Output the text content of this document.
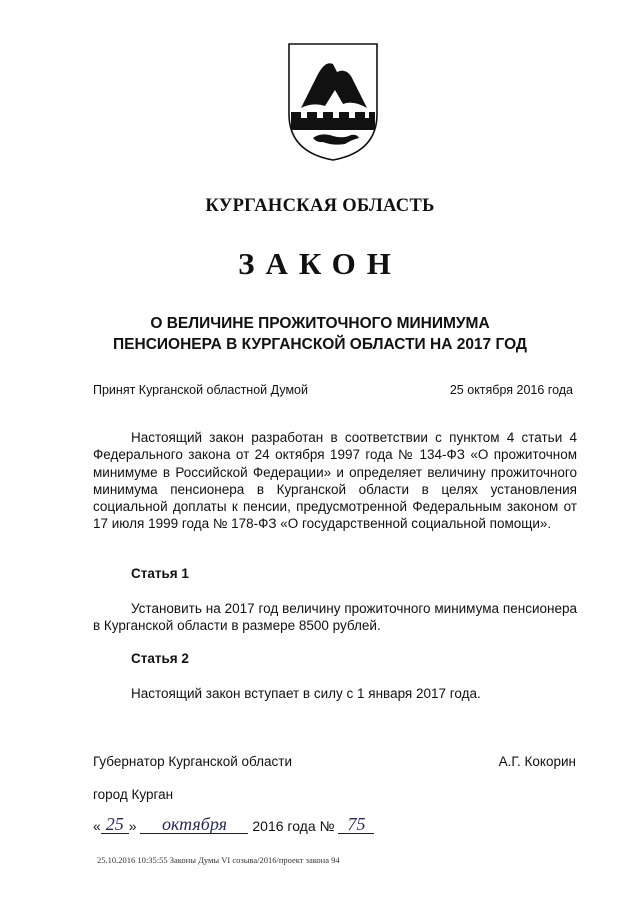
КУРГАНСКАЯ ОБЛАСТЬ
ЗАКОН
О ВЕЛИЧИНЕ ПРОЖИТОЧНОГО МИНИМУМА
ПЕНСИОНЕРА В КУРГАНСКОЙ ОБЛАСТИ НА 2017 ГОД
Принят Курганской областной Думой	25 октября 2016 года
Настоящий закон разработан в соответствии с пунктом 4 статьи 4 Федерального закона от 24 октября 1997 года № 134-ФЗ «О прожиточном минимуме в Российской Федерации» и определяет величину прожиточного минимума пенсионера в Курганской области в целях установления социальной доплаты к пенсии, предусмотренной Федеральным законом от 17 июля 1999 года № 178-ФЗ «О государственной социальной помощи».
Статья 1
Установить на 2017 год величину прожиточного минимума пенсионера в Курганской области в размере 8500 рублей.
Статья 2
Настоящий закон вступает в силу с 1 января 2017 года.
Губернатор Курганской области	А.Г. Кокорин
город Курган
« 25 » октября 2016 года № 75
25.10.2016 10:35:55 Законы Думы VI созыва/2016/проект закона 94
